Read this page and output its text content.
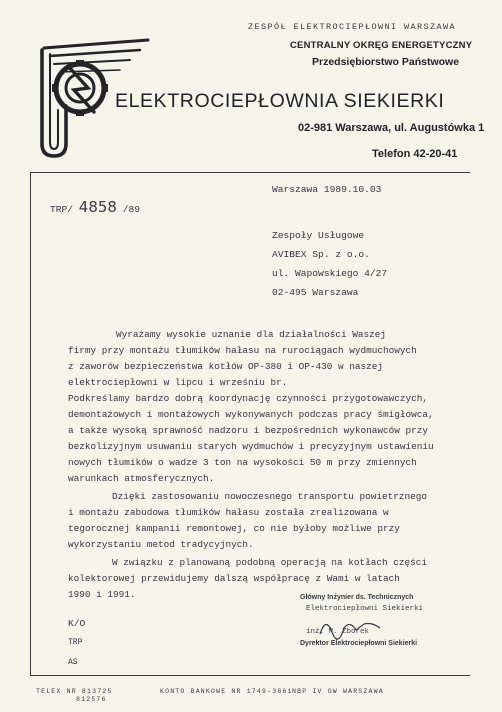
ZESPÓŁ ELEKTROCIEPŁOWNI WARSZAWA
CENTRALNY OKRĘG ENERGETYCZNY
Przedsiębiorstwo Państwowe
ELEKTROCIEPŁOWNIA SIEKIERKI
02-981 Warszawa, ul. Augustówka 1
Telefon 42-20-41
TRP/ 4858 /89
Warszawa 1989.10.03
Zespoły Usługowe
AVIBEX Sp. z o.o.
ul. Wapowskiego 4/27
02-495 Warszawa
Wyrażamy wysokie uznanie dla działalności Waszej
firmy przy montażu tłumików hałasu na rurociągach wydmuchowych
z zaworów bezpieczeństwa kotłów OP-380 i OP-430 w naszej
elektrociepłowni w lipcu i wrześniu br.
Podkreślamy bardzo dobrą koordynację czynności przygotowawczych,
demontażowych i montażowych wykonywanych podczas pracy śmigłowca,
a także wysoką sprawność nadzoru i bezpośrednich wykonawców przy
bezkolizyjnym usuwaniu starych wydmuchów i precyzyjnym ustawieniu
nowych tłumików o wadze 3 ton na wysokości 50 m przy zmiennych
warunkach atmosferycznych.
Dzięki zastosowaniu nowoczesnego transportu powietrznego
i montażu zabudowa tłumików hałasu została zrealizowana w
tegorocznej kampanii remontowej, co nie byłoby możliwe przy
wykorzystaniu metod tradycyjnych.
W związku z planowaną podobną operacją na kotłach części
kolektorowej przewidujemy dalszą współpracę z Wami w latach
1990 i 1991.	Główny Inżynier ds. Technicznych
Elektrociepłowni Siekierki
inż. M. Zborek
Dyrektor Elektrociepłowni Siekierki
K/O
TRP
AS
TELEX NR 813725
812576
KONTO BANKOWE NR 1749-3861 NBP IV OW WARSZAWA
